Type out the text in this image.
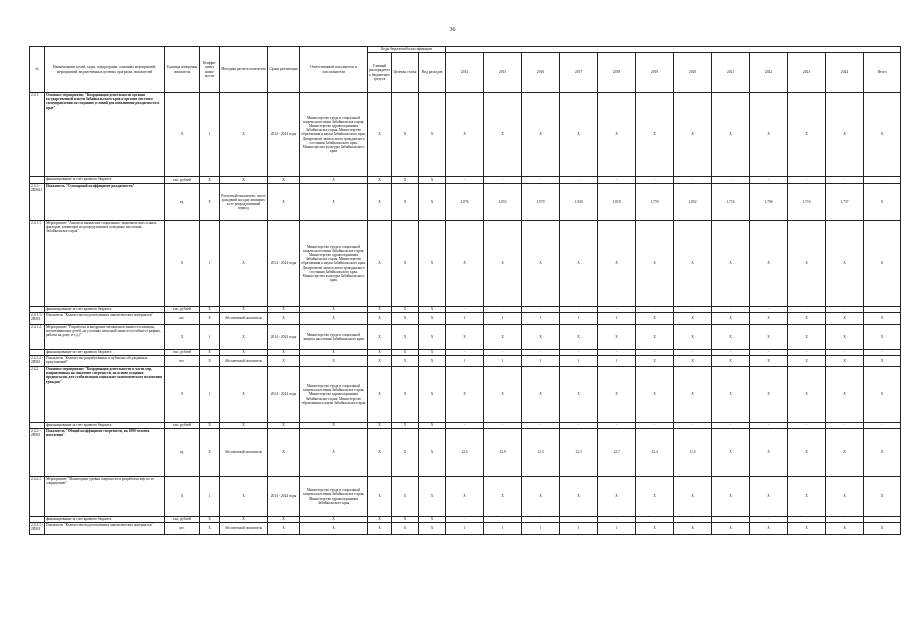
36
№	Наименование целей, задач, подпрограмм, основных мероприятий, мероприятий, ведомственных целевых программ, показателей	Единица измерения показателя	Коэффи-циент значи-мости	Методика расчета показателя	Сроки реализации	Ответственный исполнитель и соисполнители	Коды бюджетной классификации														
							Главный распорядитель бюджетных средств	Целевая статья	Вид расходов	2014	2015	2016	2017	2018	2019	2020	2021	2022	2023	2024	Итого
2.4.1.	Основное мероприятие "Координация деятельности органов государственной власти Забайкальского края и органов местного самоуправления по созданию условий для повышения рождаемости в крае"	X	1	X	2014 - 2024 годы	Министерство труда и социальной защиты населения Забайкальского края, Министерство здравоохранения Забайкальского края, Министерство образования и науки Забайкальского края, Департамент записи актов гражданского состояния Забайкальского края, Министерство культуры Забайкальского края	X	X	X	X	X	X	X	X	X	X	X	X	X	X	X
	финансирование за счет краевого бюджета	тыс. рублей	X	X	X	X	X	X	X	-	-	-	-	-	-	-	-	-	-	-	-
2.4.1.- 2ПМ41	Показатель "Суммарный коэффициент рождаемости"	ед.	X	Расчетный показатель: число рождений на одну женщину за ее репродуктивный период	X	X	X	X	X	2,076	2,053	1,970	1,930	1,818	1,759	1,852	1,716	1,706	1,716	1,737	X
2.4.1.1.	Мероприятие "Анализ и выявление социальных, экономических и иных факторов, влияющих на репродуктивное поведение населения Забайкальского края"	X	1	X	2014 - 2024 годы	Министерство труда и социальной защиты населения Забайкальского края, Министерство здравоохранения Забайкальского края, Министерство образования и науки Забайкальского края, Департамент записи актов гражданского состояния Забайкальского края, Министерство культуры Забайкальского края	X	X	X	X	X	X	X	X	X	X	X	X	X	X	X
	финансирование за счет краевого бюджета	тыс. рублей	X	X	X	X	X	X	X	-	-	-	-	-	-	-	-	-	-	-	-
2.4.1.1.- 2ПМ1	Показатель "Количество подготовленных аналитических материалов"	шт.	X	Абсолютный показатель	X	X	X	X	X	1	1	1	1	1	X	X	X	X	X	X	X
2.4.1.2.	Мероприятие "Разработка и внедрение механизмов занятости женщин, воспитывающих детей, на условиях неполной занятости (гибкого графика, работы на дому и т.д.)"	X	1	X	2014 - 2024 годы	Министерство труда и социальной защиты населения Забайкальского края	X	X	X	X	X	X	X	X	X	X	X	X	X	X	X
	финансирование за счет краевого бюджета	тыс. рублей	X	X	X	X	X	X	X	-	-	-	-	-	-	-	-	-	-	-	-
2.4.1.2.- 2ПМ1	Показатель "Количество разработанных и публично обсужденных предложений"	шт.	X	Абсолютный показатель	X	X	X	X	X	1	1	1	1	1	X	X	X	X	X	X	X
2.4.2.	Основное мероприятие "Координация деятельности в части мер, направленных на снижение смертности, на основе создания предпосылок для стабилизации социально-экономического положения граждан"	X	1	X	2014 - 2024 годы	Министерство труда и социальной защиты населения Забайкальского края, Министерство здравоохранения Забайкальского края, Министерство образования и науки Забайкальского края	X	X	X	X	X	X	X	X	X	X	X	X	X	X	X
	финансирование за счет краевого бюджета	тыс. рублей	X	X	X	X	X	X	X	-	-	-	-	-	-	-	-	-	-	-	-
2.4.2.- 2ПМ1	Показатель "Общий коэффициент смертности, на 1000 человек населения"	ед.	X	Абсолютный показатель	X	X	X	X	X	12,5	12,9	12,3	12,3	12,7	12,4	11,5	X	X	X	X	X
2.4.2.1.	Мероприятие "Мониторинг уровня смертности и разработка мер по ее сокращению"	X	1	X	2014 - 2024 годы	Министерство труда и социальной защиты населения Забайкальского края, Министерство здравоохранения Забайкальского края	X	X	X	X	X	X	X	X	X	X	X	X	X	X	X
	финансирование за счет краевого бюджета	тыс. рублей	X	X	X	X	X	X	X	-	-	-	-	-	-	-	-	-	-	-	-
2.4.2.1.- 2ПМ1	Показатель "Количество подготовленных аналитических материалов"	шт.	X	Абсолютный показатель	X	X	X	X	X	1	1	1	1	1	X	X	X	X	X	X	X
